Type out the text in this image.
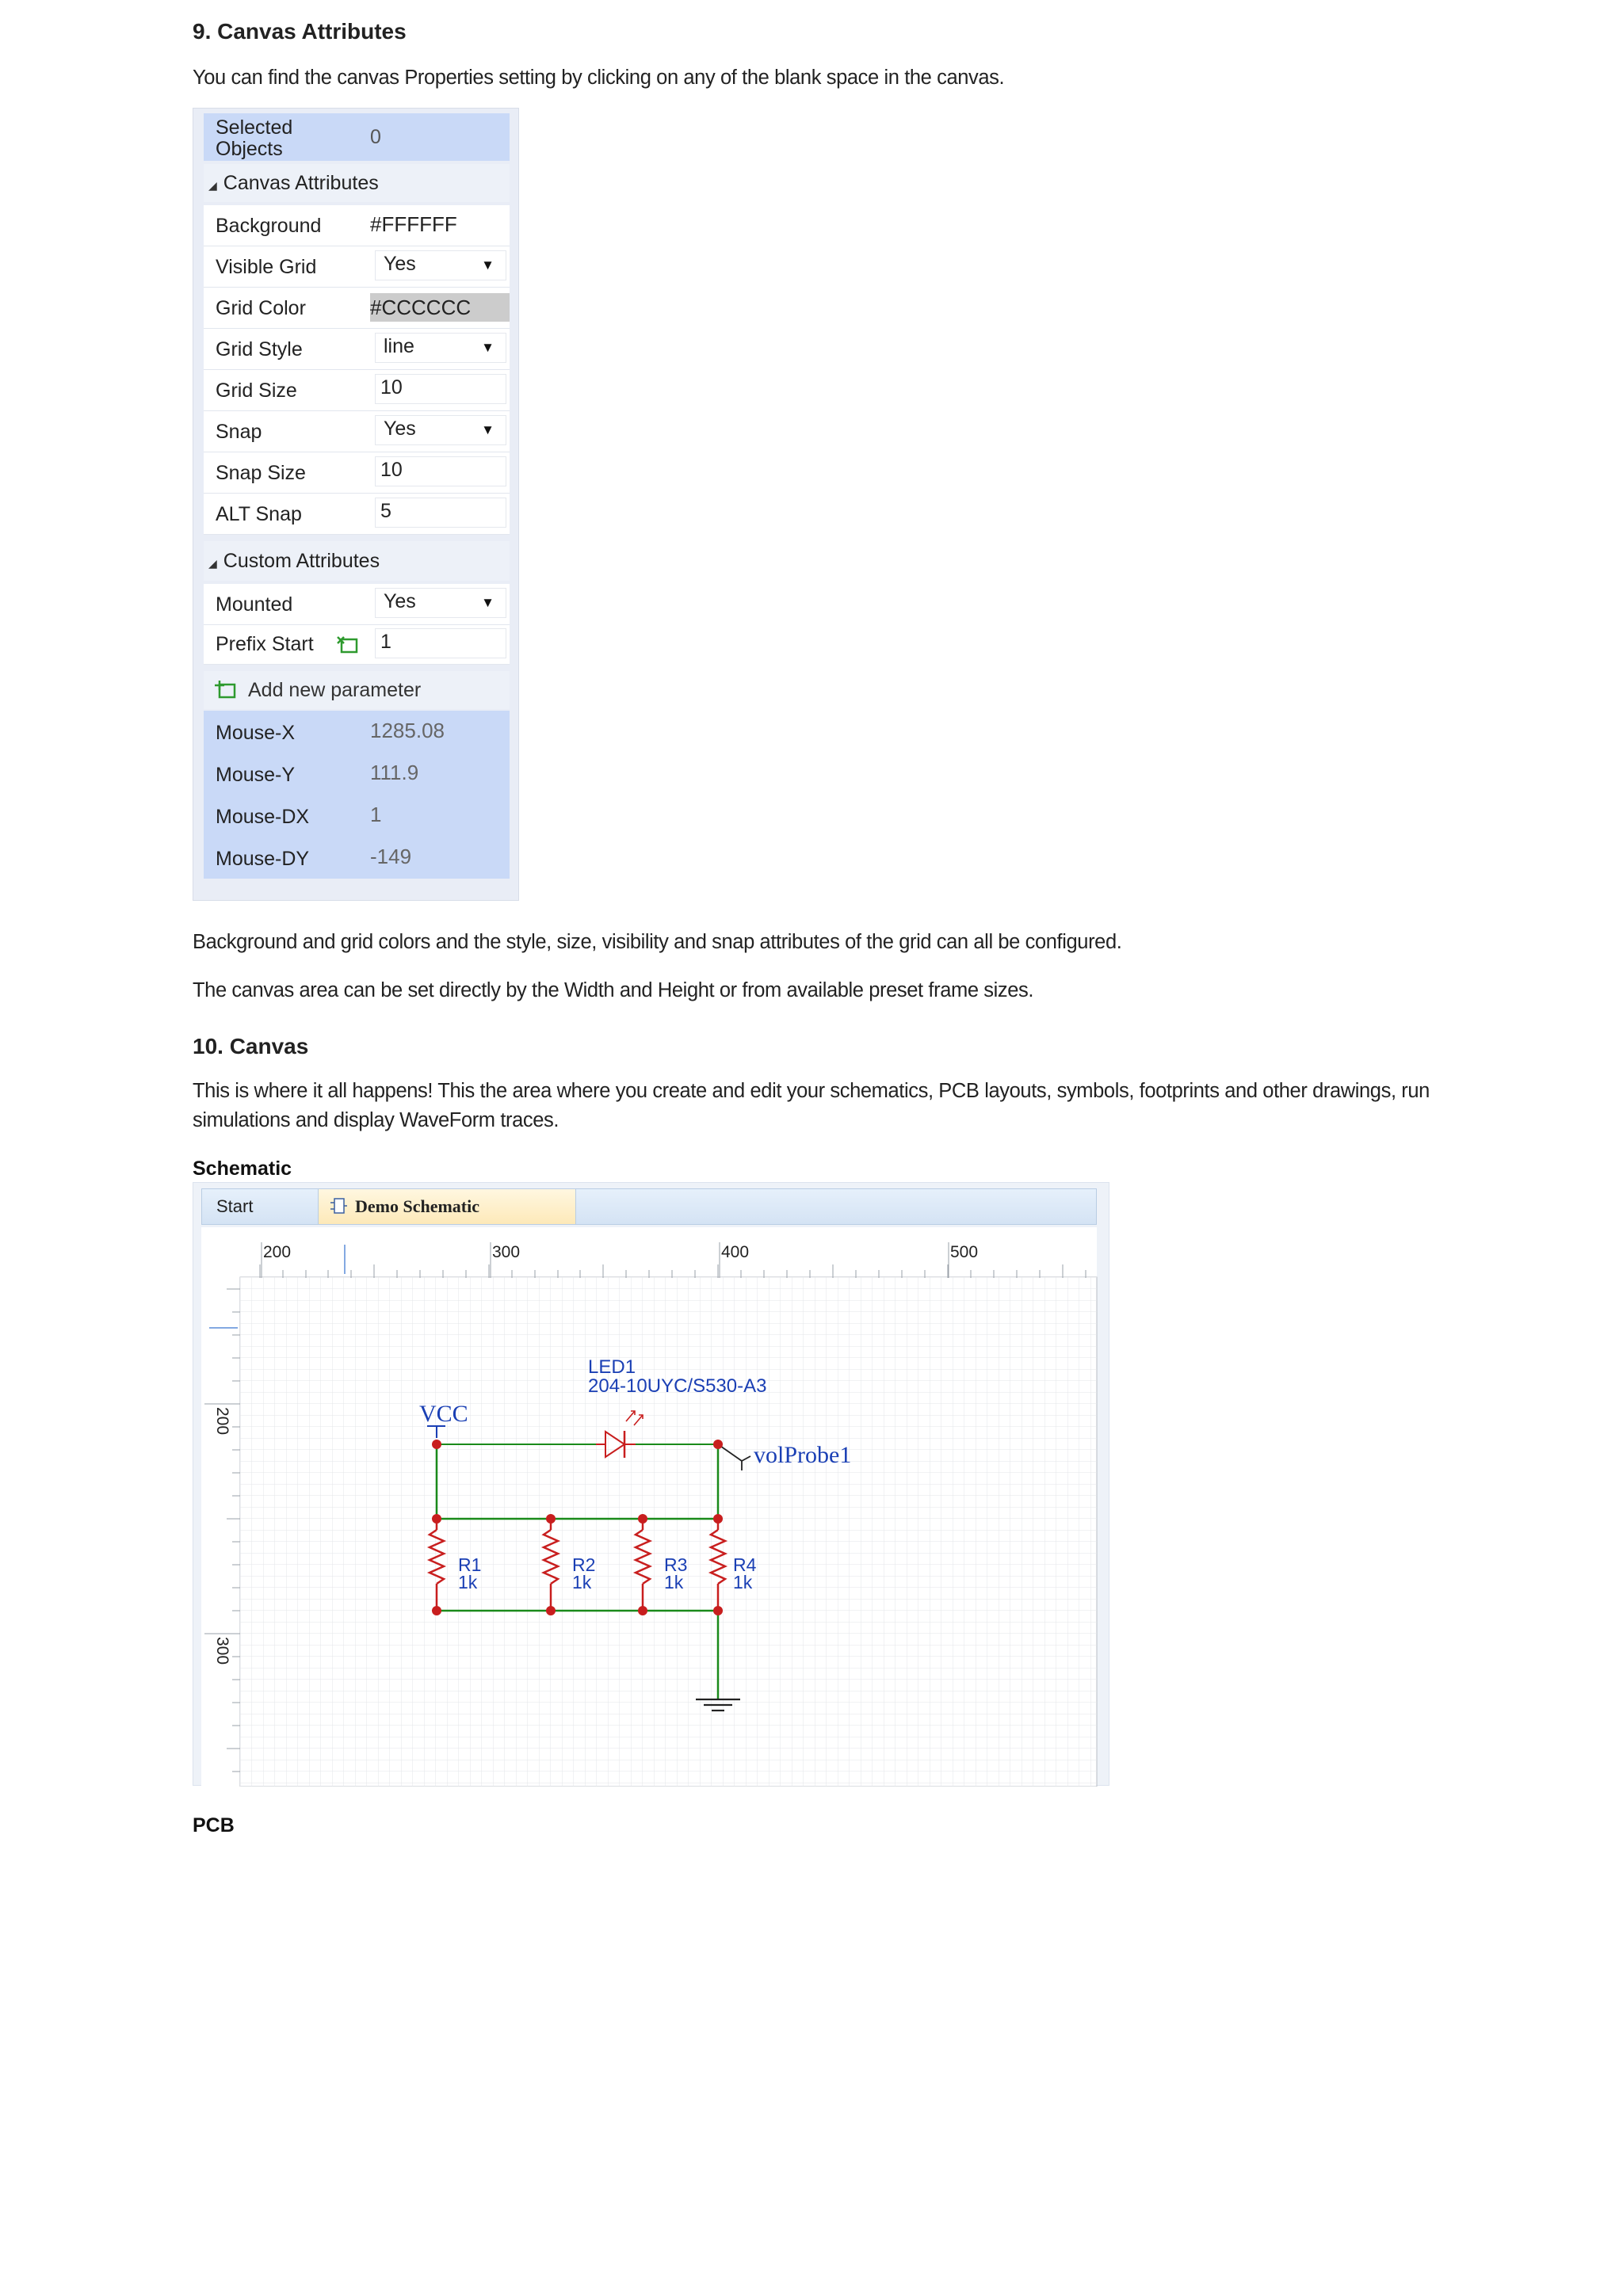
9. Canvas Attributes
You can find the canvas Properties setting by clicking on any of the blank space in the canvas.
Selected
Objects
0
◢ Canvas Attributes
Background #FFFFFF
Visible Grid	Yes	▼
Grid Color	#CCCCCC
Grid Style	line	▼
Grid Size	10
Snap	Yes	▼
Snap Size	10
ALT Snap	5
◢ Custom Attributes
Mounted	Yes	▼
Prefix Start	1
Add new parameter
Mouse-X	1285.08
Mouse-Y	111.9
Mouse-DX	1
Mouse-DY	-149
Background and grid colors and the style, size, visibility and snap attributes of the grid can all be configured.
The canvas area can be set directly by the Width and Height or from available preset frame sizes.
10. Canvas
This is where it all happens! This the area where you create and edit your schematics, PCB layouts, symbols, footprints and other drawings, run
simulations and display WaveForm traces.
Schematic
Start	Demo Schematic
200	300	400	500
200
300
VCC
LED1
204-10UYC/S530-A3
volProbe1
R1
1k
R2
1k
R3
1k
R4
1k
PCB
